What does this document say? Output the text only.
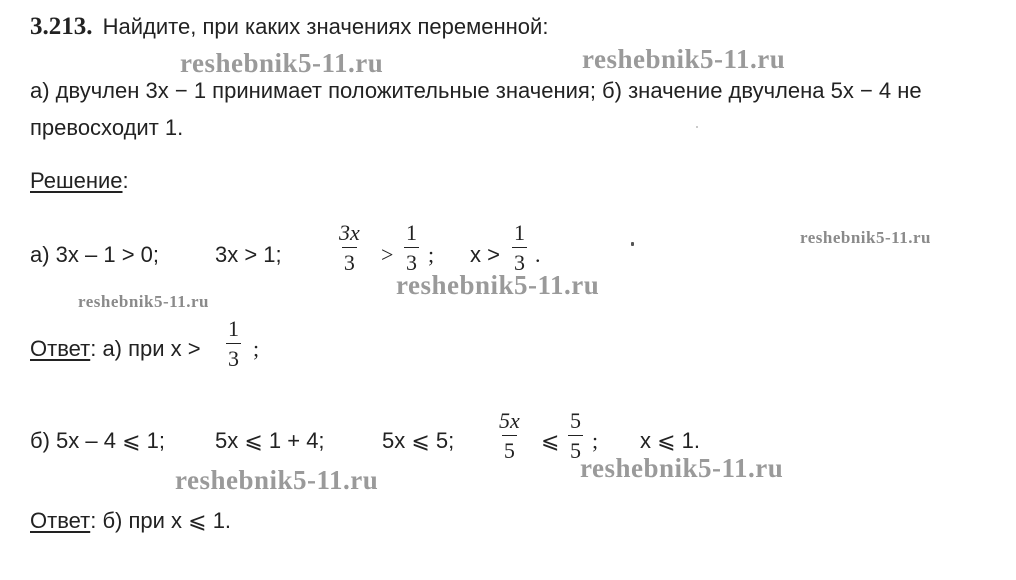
3.213. Найдите, при каких значениях переменной:
а) двучлен 3х − 1 принимает положительные значения; б) значение двучлена 5х − 4 не
превосходит 1.
Решение:
а) 3х – 1 > 0;	3х > 1;	$\frac{3x}{3} > \frac{1}{3}$ ; $x > \frac{1}{3}$ .
Ответ: а) при $х > \frac{1}{3}$ ;
б) 5х – 4 ⩽ 1; 5х ⩽ 1 + 4;	5х ⩽ 5; $\frac{5x}{5}$ ⩽ $\frac{5}{5}$ ; х ⩽ 1.
Ответ: б) при х ⩽ 1.
reshebnik5-11.ru	reshebnik5-11.ru
reshebnik5-11.ru
reshebnik5-11.ru
reshebnik5-11.ru
reshebnik5-11.ru
reshebnik5-11.ru
